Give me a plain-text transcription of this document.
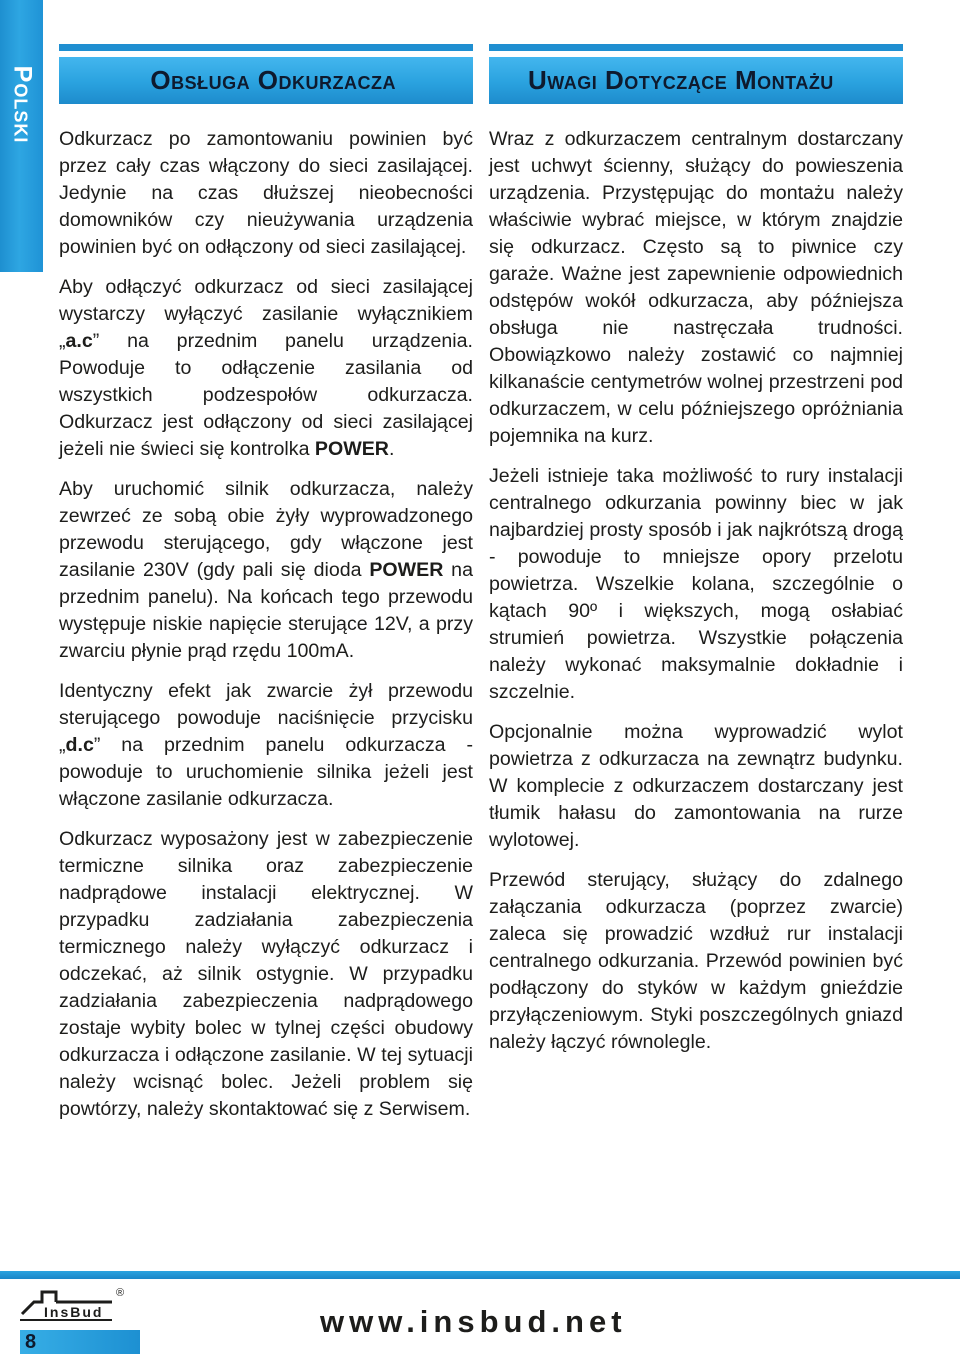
Polski	Obsługa Odkurzacza

Odkurzacz po zamontowaniu powinien być przez cały czas włączony do sieci zasilającej. Jedynie na czas dłuższej nieobecności domowników czy nieużywania urządzenia powinien być on odłączony od sieci zasilającej.

Aby odłączyć odkurzacz od sieci zasilającej wystarczy wyłączyć zasilanie wyłącznikiem „a.c” na przednim panelu urządzenia. Powoduje to odłączenie zasilania od wszystkich podzespołów odkurzacza. Odkurzacz jest odłączony od sieci zasilającej jeżeli nie świeci się kontrolka POWER.

Aby uruchomić silnik odkurzacza, należy zewrzeć ze sobą obie żyły wyprowadzonego przewodu sterującego, gdy włączone jest zasilanie 230V (gdy pali się dioda POWER na przednim panelu). Na końcach tego przewodu występuje niskie napięcie sterujące 12V, a przy zwarciu płynie prąd rzędu 100mA.

Identyczny efekt jak zwarcie żył przewodu sterującego powoduje naciśnięcie przycisku „d.c” na przednim panelu odkurzacza - powoduje to uruchomienie silnika jeżeli jest włączone zasilanie odkurzacza.

Odkurzacz wyposażony jest w zabezpieczenie termiczne silnika oraz zabezpieczenie nadprądowe instalacji elektrycznej. W przypadku zadziałania zabezpieczenia termicznego należy wyłączyć odkurzacz i odczekać, aż silnik ostygnie. W przypadku zadziałania zabezpieczenia nadprądowego zostaje wybity bolec w tylnej części obudowy odkurzacza i odłączone zasilanie. W tej sytuacji należy wcisnąć bolec. Jeżeli problem się powtórzy, należy skontaktować się z Serwisem.

Uwagi Dotyczące Montażu

Wraz z odkurzaczem centralnym dostarczany jest uchwyt ścienny, służący do powieszenia urządzenia. Przystępując do montażu należy właściwie wybrać miejsce, w którym znajdzie się odkurzacz. Często są to piwnice czy garaże. Ważne jest zapewnienie odpowiednich odstępów wokół odkurzacza, aby późniejsza obsługa nie nastręczała trudności. Obowiązkowo należy zostawić co najmniej kilkanaście centymetrów wolnej przestrzeni pod odkurzaczem, w celu późniejszego opróżniania pojemnika na kurz.

Jeżeli istnieje taka możliwość to rury instalacji centralnego odkurzania powinny biec w jak najbardziej prosty sposób i jak najkrótszą drogą - powoduje to mniejsze opory przelotu powietrza. Wszelkie kolana, szczególnie o kątach 90º i większych, mogą osłabiać strumień powietrza. Wszystkie połączenia należy wykonać maksymalnie dokładnie i szczelnie.

Opcjonalnie można wyprowadzić wylot powietrza z odkurzacza na zewnątrz budynku. W komplecie z odkurzaczem dostarczany jest tłumik hałasu do zamontowania na rurze wylotowej.

Przewód sterujący, służący do zdalnego załączania odkurzacza (poprzez zwarcie) zaleca się prowadzić wzdłuż rur instalacji centralnego odkurzania. Przewód powinien być podłączony do styków w każdym gnieździe przyłączeniowym. Styki poszczególnych gniazd należy łączyć równolegle.

InsBud
®
8
www.insbud.net
